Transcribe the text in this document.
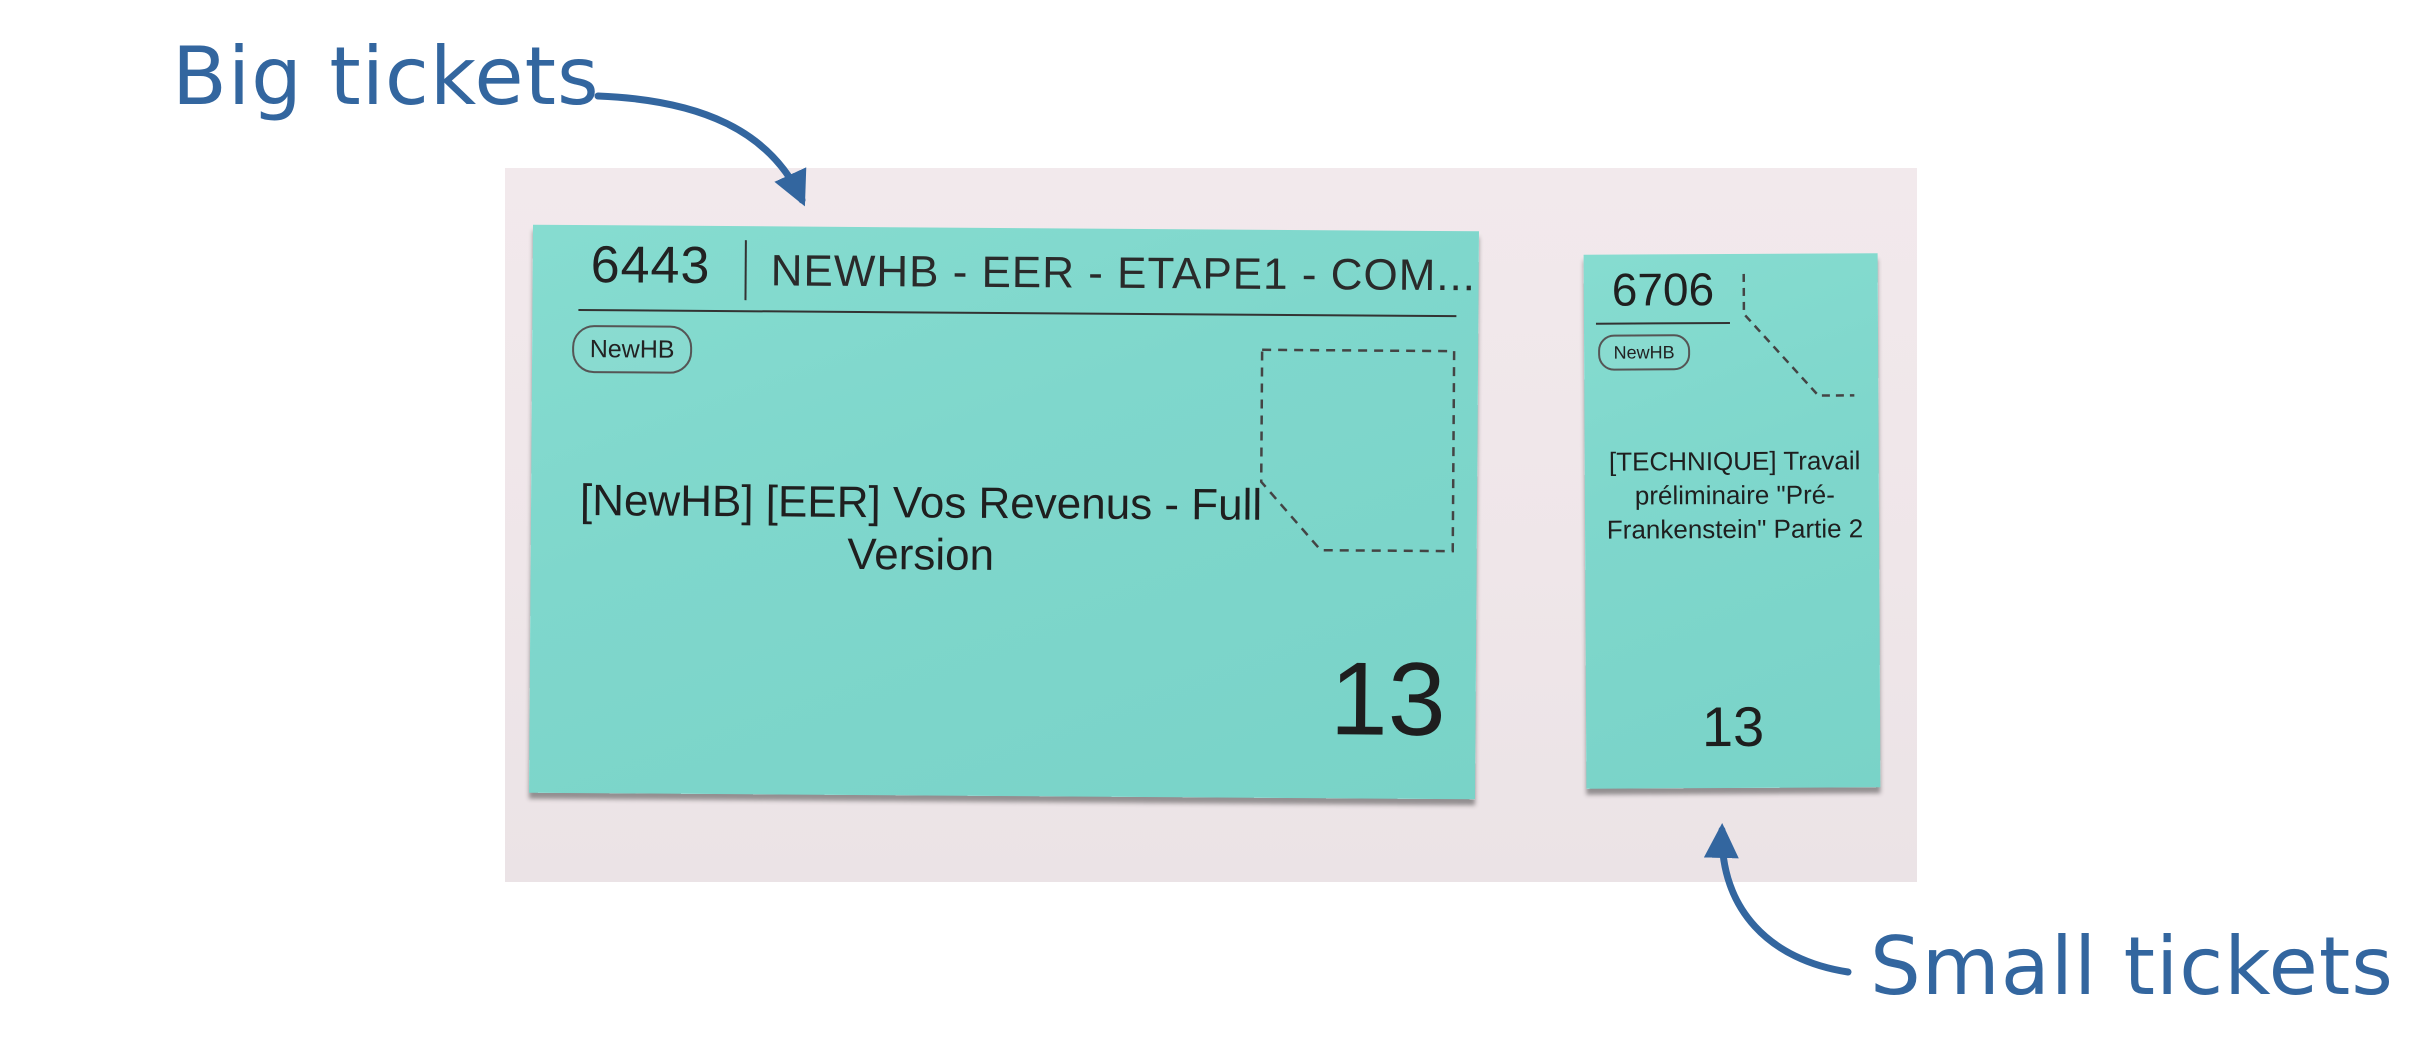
6443 NEWHB - EER - ETAPE1 - COM...
NewHB
[NewHB] [EER] Vos Revenus - Full Version
13
6706
NewHB
[TECHNIQUE] Travail préliminaire "Pré-Frankenstein" Partie 2
13
Big tickets
Small tickets
